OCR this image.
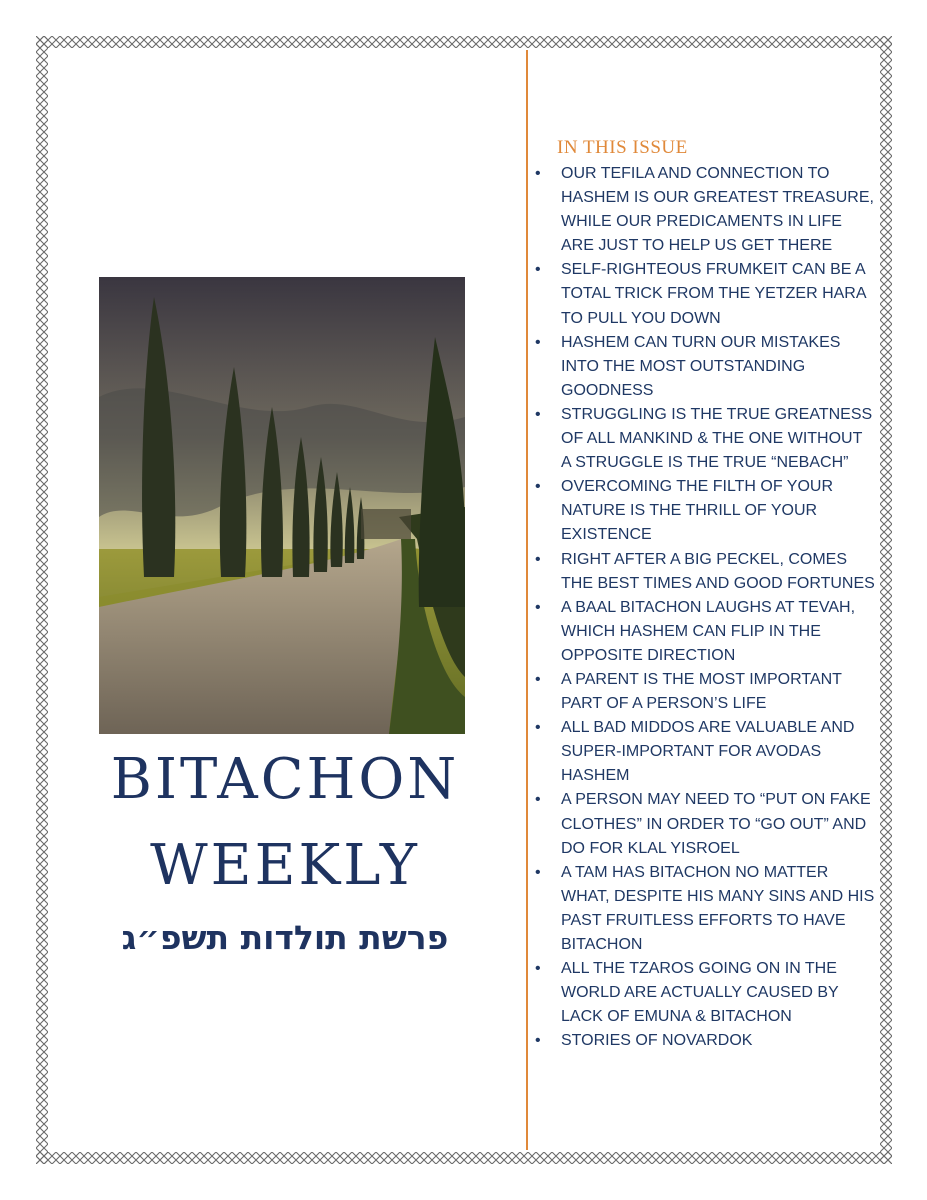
BITACHON
WEEKLY
פרשת תולדות תשפ״ג
IN THIS ISSUE
•	OUR TEFILA AND CONNECTION TO HASHEM IS OUR GREATEST TREASURE, WHILE OUR PREDICAMENTS IN LIFE ARE JUST TO HELP US GET THERE
•	SELF-RIGHTEOUS FRUMKEIT CAN BE A TOTAL TRICK FROM THE YETZER HARA TO PULL YOU DOWN
•	HASHEM CAN TURN OUR MISTAKES INTO THE MOST OUTSTANDING GOODNESS
•	STRUGGLING IS THE TRUE GREATNESS OF ALL MANKIND & THE ONE WITHOUT A STRUGGLE IS THE TRUE “NEBACH”
•	OVERCOMING THE FILTH OF YOUR NATURE IS THE THRILL OF YOUR EXISTENCE
•	RIGHT AFTER A BIG PECKEL, COMES THE BEST TIMES AND GOOD FORTUNES
•	A BAAL BITACHON LAUGHS AT TEVAH, WHICH HASHEM CAN FLIP IN THE OPPOSITE DIRECTION
•	A PARENT IS THE MOST IMPORTANT PART OF A PERSON’S LIFE
•	ALL BAD MIDDOS ARE VALUABLE AND SUPER-IMPORTANT FOR AVODAS HASHEM
•	A PERSON MAY NEED TO “PUT ON FAKE CLOTHES” IN ORDER TO “GO OUT” AND DO FOR KLAL YISROEL
•	A TAM HAS BITACHON NO MATTER WHAT, DESPITE HIS MANY SINS AND HIS PAST FRUITLESS EFFORTS TO HAVE BITACHON
•	ALL THE TZAROS GOING ON IN THE WORLD ARE ACTUALLY CAUSED BY LACK OF EMUNA & BITACHON
•	STORIES OF NOVARDOK
